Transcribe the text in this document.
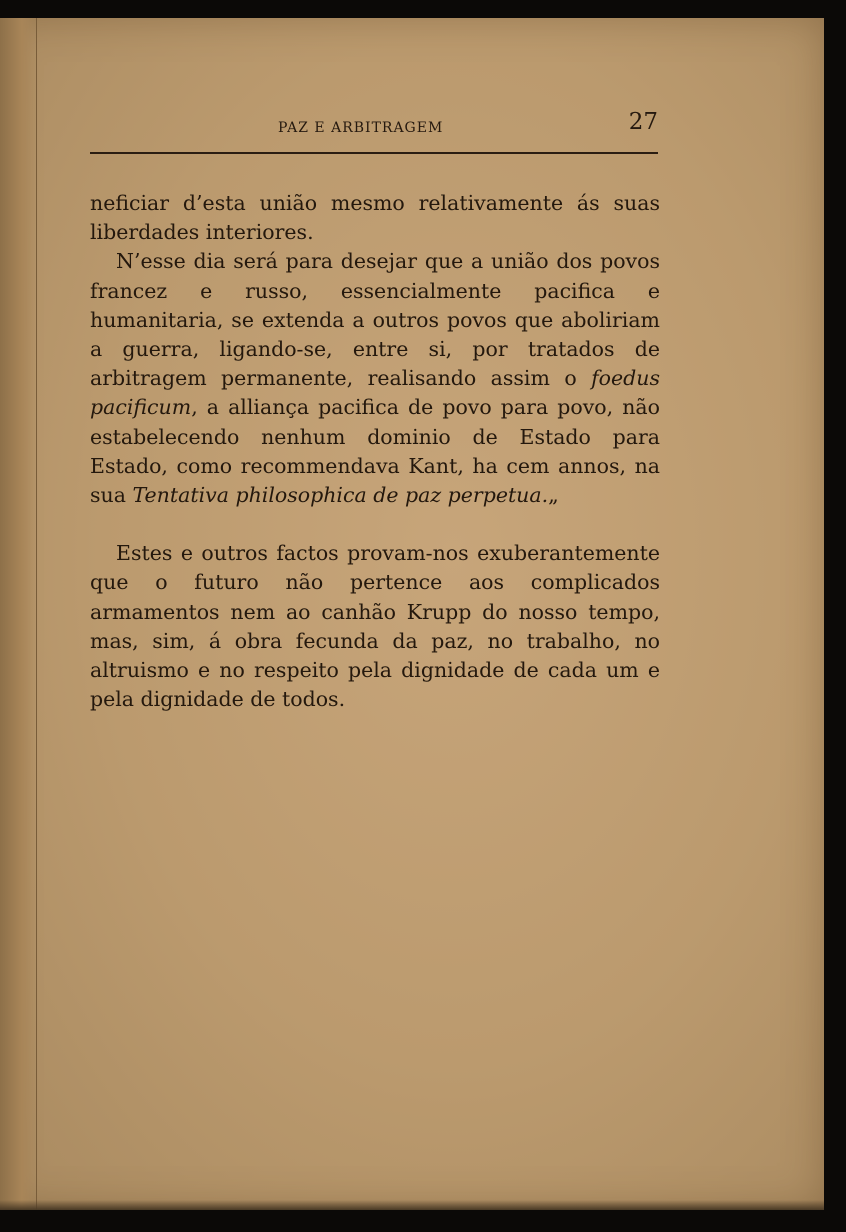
PAZ E ARBITRAGEM	27

neficiar d’esta união mesmo relativamente ás suas liberdades interiores.

N’esse dia será para desejar que a união dos povos francez e russo, essencialmente pacifica e humanitaria, se extenda a outros povos que aboliriam a guerra, ligando-se, entre si, por tratados de arbitragem permanente, realisando assim o foedus pacificum, a alliança pacifica de povo para povo, não estabelecendo nenhum dominio de Estado para Estado, como recommendava Kant, ha cem annos, na sua Tentativa philosophica de paz perpetua.„

Estes e outros factos provam-nos exuberantemente que o futuro não pertence aos complicados armamentos nem ao canhão Krupp do nosso tempo, mas, sim, á obra fecunda da paz, no trabalho, no altruismo e no respeito pela dignidade de cada um e pela dignidade de todos.
